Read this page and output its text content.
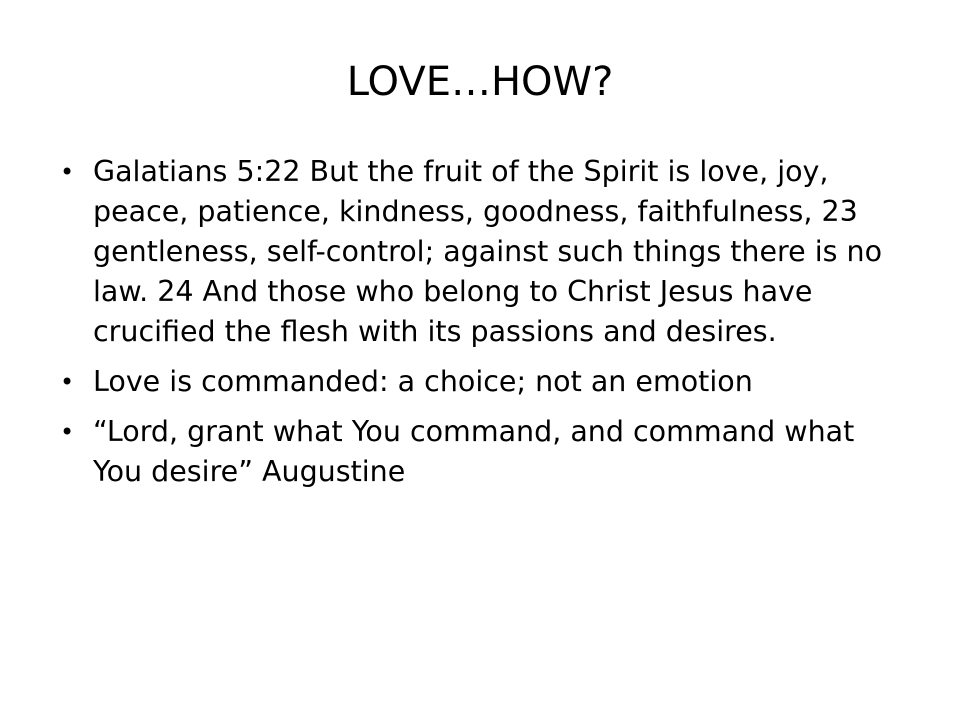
LOVE…HOW?
• Galatians 5:22 But the fruit of the Spirit is love, joy, peace, patience, kindness, goodness, faithfulness, 23 gentleness, self-control; against such things there is no law. 24 And those who belong to Christ Jesus have crucified the flesh with its passions and desires.
• Love is commanded: a choice; not an emotion
• “Lord, grant what You command, and command what You desire” Augustine
